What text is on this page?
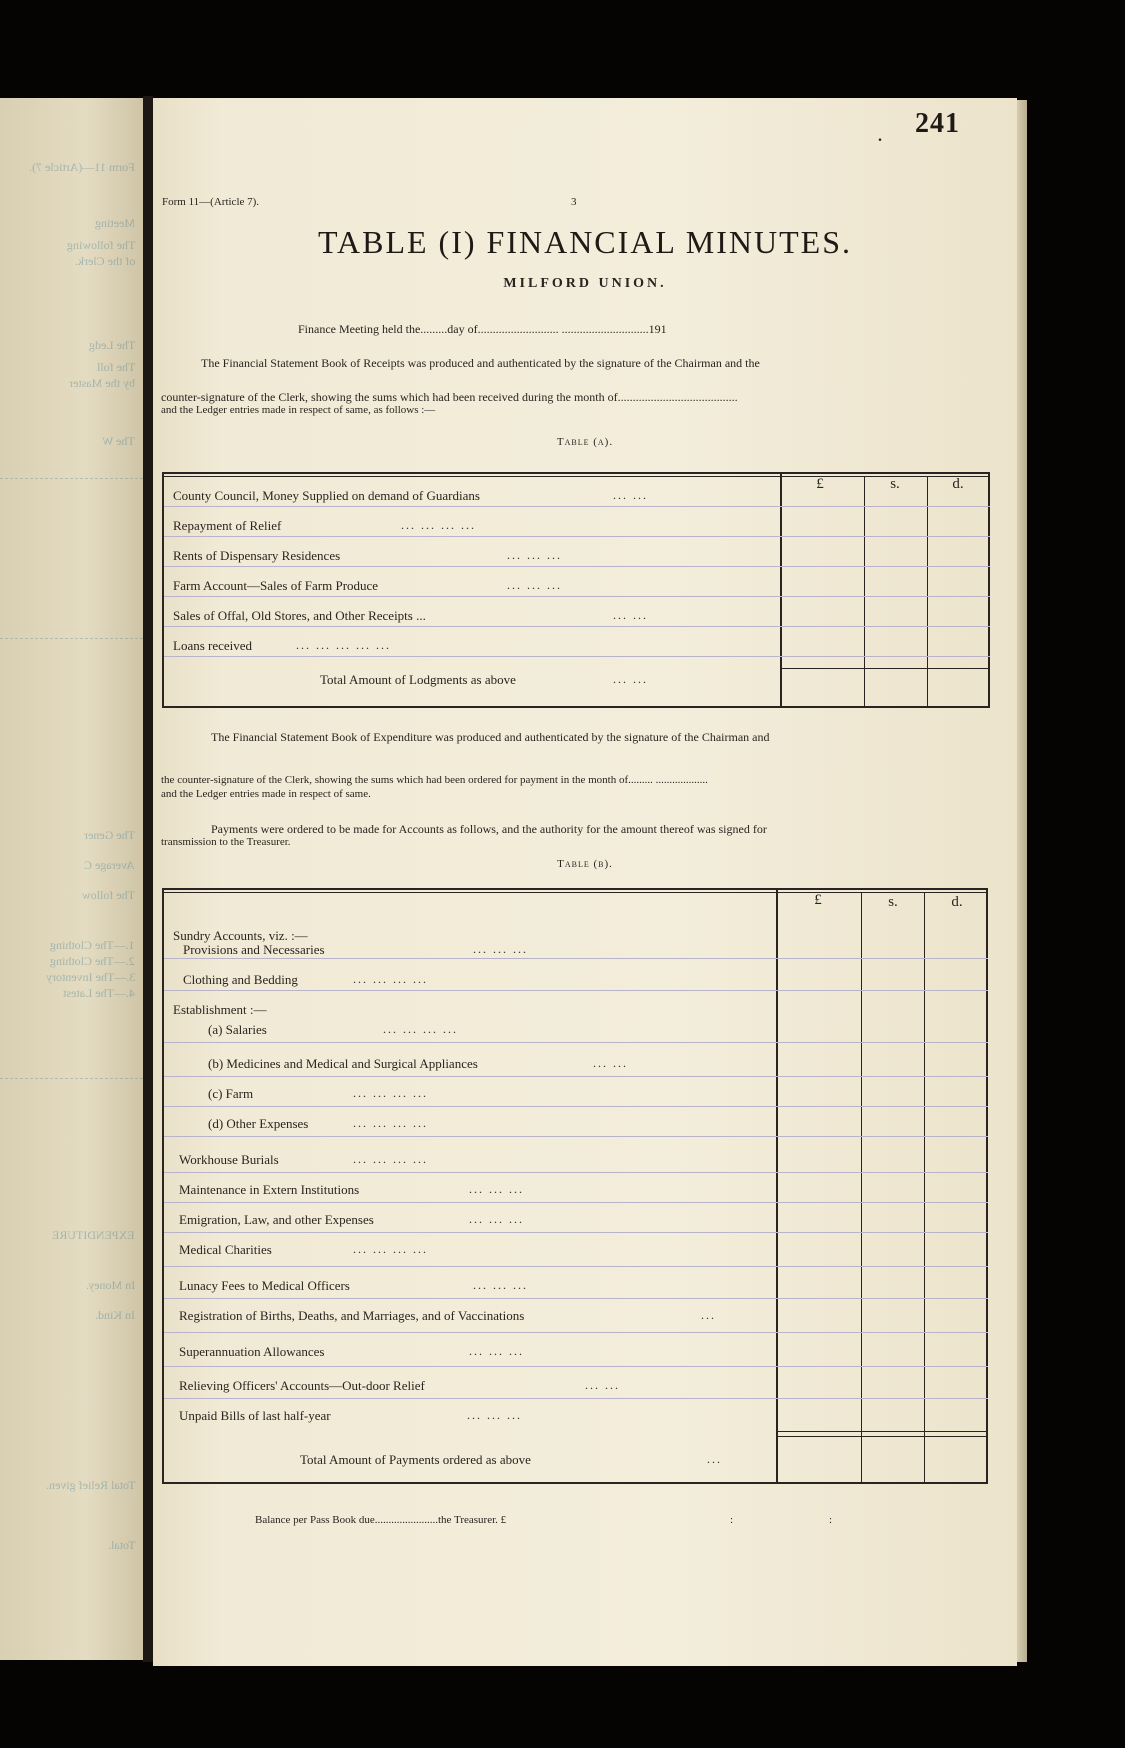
Form 11—(Article 7).
Meeting
The following
of the Clerk.
The Ledg
The foll
by the Master
The W
The Gener
Average C
The follow
1.—The Clothing
2.—The Clothing
3.—The Inventory
4.—The Latest
EXPENDITURE
In Money.
In Kind.
Total Relief given.
Total.
. 241
Form 11—(Article 7).	3
TABLE (I) FINANCIAL MINUTES.
MILFORD UNION.
Finance Meeting held the.........day of........................... .............................191
The Financial Statement Book of Receipts was produced and authenticated by the signature of the Chairman and the
counter-signature of the Clerk, showing the sums which had been received during the month of........................................
and the Ledger entries made in respect of same, as follows :—
Table (a).
£	s.	d.
County Council, Money Supplied on demand of Guardians	... ...
Repayment of Relief	... ... ... ...
Rents of Dispensary Residences	... ... ...
Farm Account—Sales of Farm Produce	... ... ...
Sales of Offal, Old Stores, and Other Receipts ...	... ...
Loans received	... ... ... ... ...
Total Amount of Lodgments as above	... ...
The Financial Statement Book of Expenditure was produced and authenticated by the signature of the Chairman and
the counter-signature of the Clerk, showing the sums which had been ordered for payment in the month of......... ...................
and the Ledger entries made in respect of same.
Payments were ordered to be made for Accounts as follows, and the authority for the amount thereof was signed for
transmission to the Treasurer.
Table (b).
£	s.	d.
Sundry Accounts, viz. :—
Provisions and Necessaries	... ... ...
Clothing and Bedding	... ... ... ...
Establishment :—
(a) Salaries	... ... ... ...
(b) Medicines and Medical and Surgical Appliances	... ...
(c) Farm	... ... ... ...
(d) Other Expenses	... ... ... ...
Workhouse Burials	... ... ... ...
Maintenance in Extern Institutions	... ... ...
Emigration, Law, and other Expenses	... ... ...
Medical Charities	... ... ... ...
Lunacy Fees to Medical Officers	... ... ...
Registration of Births, Deaths, and Marriages, and of Vaccinations	...
Superannuation Allowances	... ... ...
Relieving Officers' Accounts—Out-door Relief	... ...
Unpaid Bills of last half-year	... ... ...
Total Amount of Payments ordered as above	...
Balance per Pass Book due.......................the Treasurer. £	:	:
